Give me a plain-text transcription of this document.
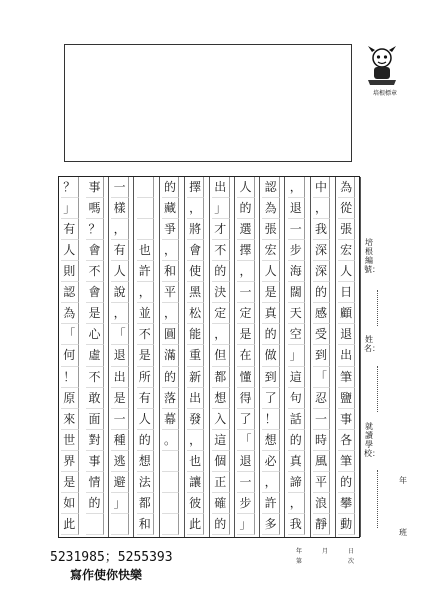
培根標章
為
從
張
宏
人
日
顧
退
出
筆
鹽
事
各
筆
的
攀
動
中
，
我
深
深
的
感
受
到
「
忍
一
時
風
平
浪
靜
，
退
一
步
海
闊
天
空
」
這
句
話
的
真
諦
，
我
認
為
張
宏
人
是
真
的
做
到
了
！
想
必
，
許
多
人
的
選
擇
，
一
定
是
在
懂
得
了
「
退
一
步
」
出
」
才
不
的
決
定
，
但
都
想
入
這
個
正
確
的
擇
，
將
會
使
黑
松
能
重
新
出
發
，
也
讓
彼
此
的
藏
爭
，
和
平
，
圓
滿
的
落
幕
。
也
許
，
並
不
是
所
有
人
的
想
法
都
和
一
樣
，
有
人
說
，
「
退
出
是
一
種
逃
避
」
事
嗎
？
會
不
會
是
心
虛
不
敢
面
對
事
情
的
？
」
有
人
則
認
為
「
何
！
原
來
世
界
是
如
此
培根編號：
姓名：
就讀學校：
年
班
年	月	日
第	次
5231985；5255393
寫作使你快樂
